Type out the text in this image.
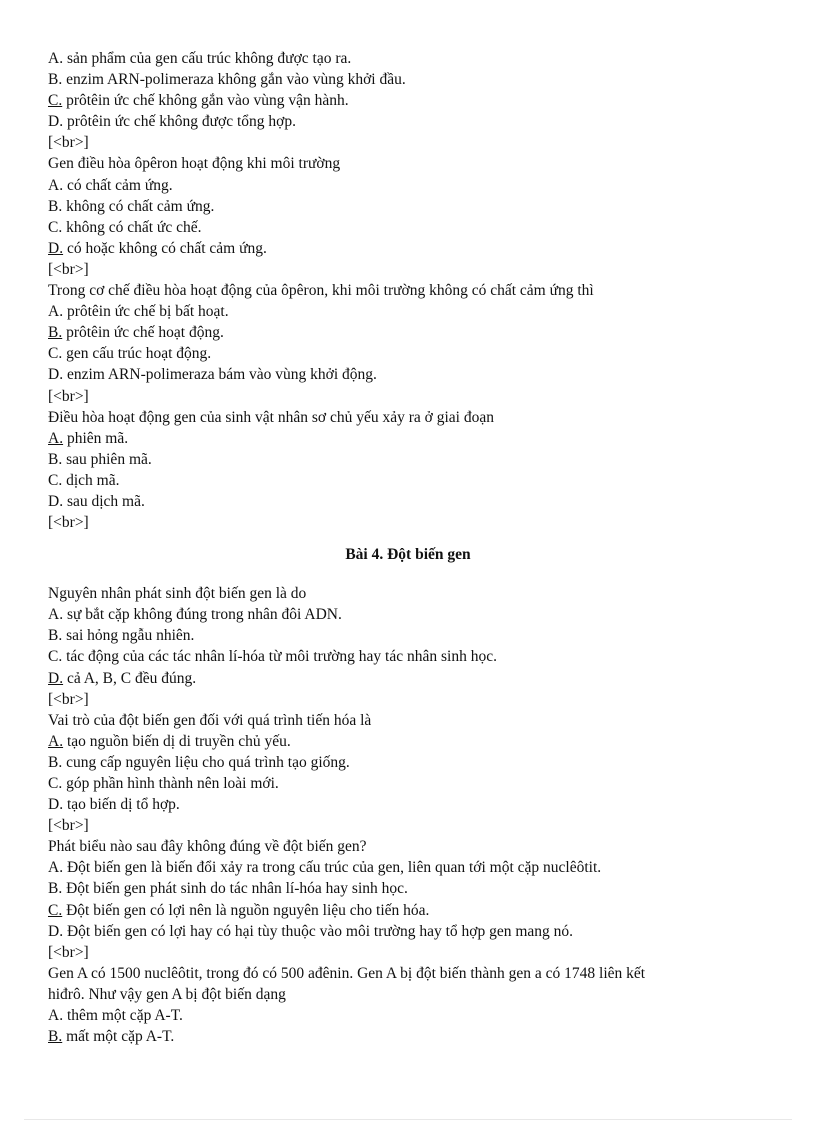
A. sản phẩm của gen cấu trúc không được tạo ra.
B. enzim ARN-polimeraza không gắn vào vùng khởi đầu.
C. prôtêin ức chế không gắn vào vùng vận hành.
D. prôtêin ức chế không được tổng hợp.
[<br>]
Gen điều hòa ôpêron hoạt động khi môi trường
A. có chất cảm ứng.
B. không có chất cảm ứng.
C. không có chất ức chế.
D. có hoặc không có chất cảm ứng.
[<br>]
Trong cơ chế điều hòa hoạt động của ôpêron, khi môi trường không có chất cảm ứng thì
A. prôtêin ức chế bị bất hoạt.
B. prôtêin ức chế hoạt động.
C. gen cấu trúc hoạt động.
D. enzim ARN-polimeraza bám vào vùng khởi động.
[<br>]
Điều hòa hoạt động gen của sinh vật nhân sơ chủ yếu xảy ra ở giai đoạn
A. phiên mã.
B. sau phiên mã.
C. dịch mã.
D. sau dịch mã.
[<br>]
Bài 4. Đột biến gen
Nguyên nhân phát sinh đột biến gen là do
A. sự bắt cặp không đúng trong nhân đôi ADN.
B. sai hỏng ngẫu nhiên.
C. tác động của các tác nhân lí-hóa từ môi trường hay tác nhân sinh học.
D. cả A, B, C đều đúng.
[<br>]
Vai trò của đột biến gen đối với quá trình tiến hóa là
A. tạo nguồn biến dị di truyền chủ yếu.
B. cung cấp nguyên liệu cho quá trình tạo giống.
C. góp phần hình thành nên loài mới.
D. tạo biến dị tổ hợp.
[<br>]
Phát biểu nào sau đây không đúng về đột biến gen?
A. Đột biến gen là biến đổi xảy ra trong cấu trúc của gen, liên quan tới một cặp nuclêôtit.
B. Đột biến gen phát sinh do tác nhân lí-hóa hay sinh học.
C. Đột biến gen có lợi nên là nguồn nguyên liệu cho tiến hóa.
D. Đột biến gen có lợi hay có hại tùy thuộc vào môi trường hay tổ hợp gen mang nó.
[<br>]
Gen A có 1500 nuclêôtit, trong đó có 500 ađênin. Gen A bị đột biến thành gen a có 1748 liên kết
hiđrô. Như vậy gen A bị đột biến dạng
A. thêm một cặp A-T.
B. mất một cặp A-T.
